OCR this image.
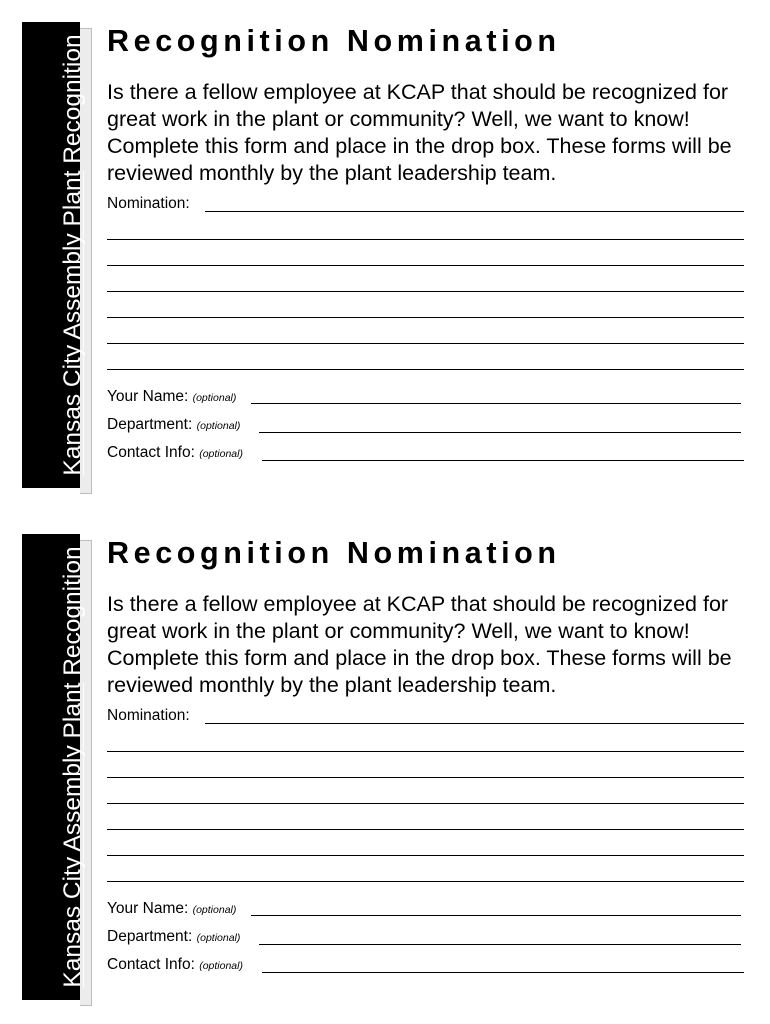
Kansas City Assembly Plant Recognition Recognition Nomination
Is there a fellow employee at KCAP that should be recognized for great work in the plant or community? Well, we want to know! Complete this form and place in the drop box. These forms will be reviewed monthly by the plant leadership team.
Nomination:
Your Name: (optional)
Department: (optional)
Contact Info: (optional)
Kansas City Assembly Plant Recognition Recognition Nomination
Is there a fellow employee at KCAP that should be recognized for great work in the plant or community? Well, we want to know! Complete this form and place in the drop box. These forms will be reviewed monthly by the plant leadership team.
Nomination:
Your Name: (optional)
Department: (optional)
Contact Info: (optional)
